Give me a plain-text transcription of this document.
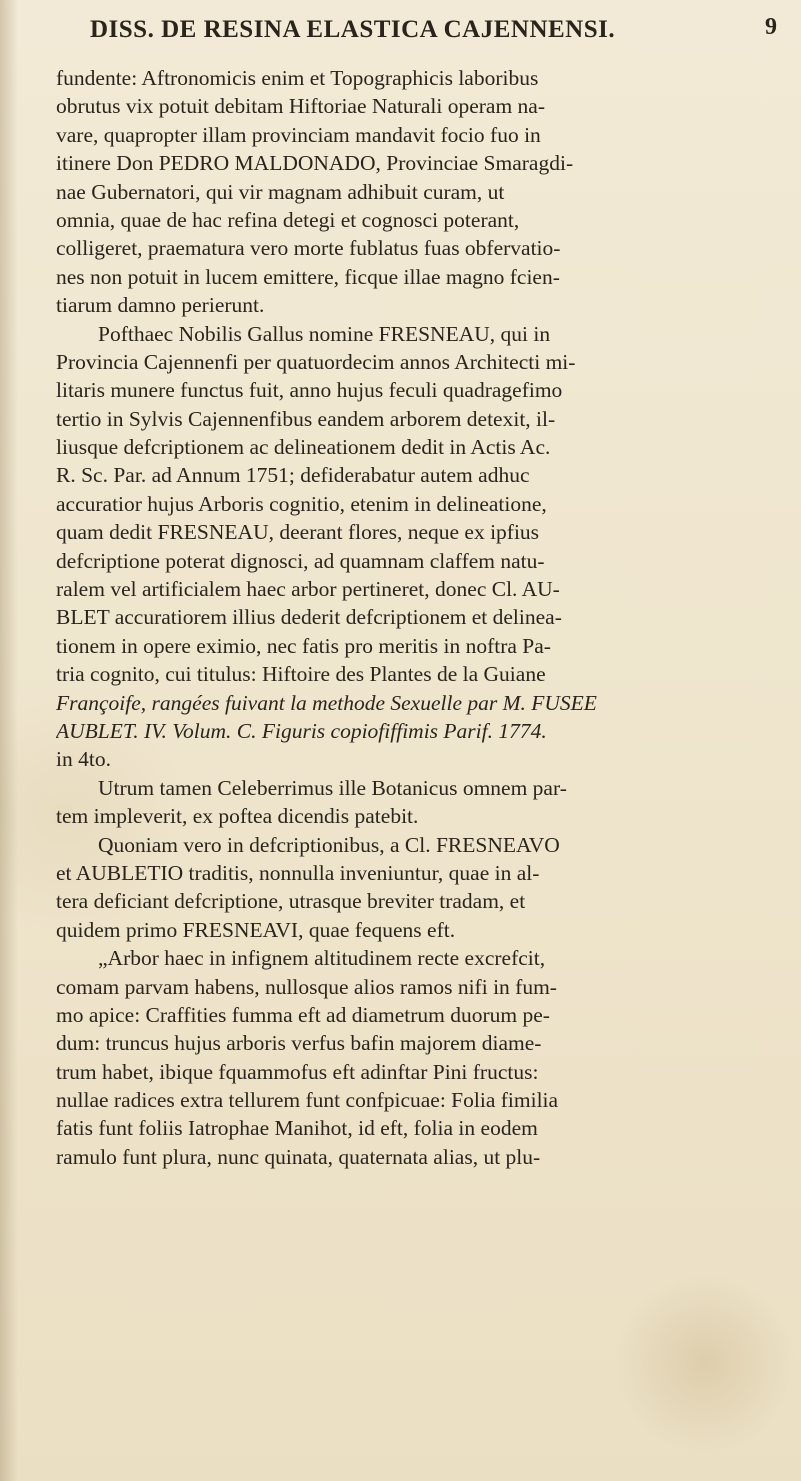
DISS. DE RESINA ELASTICA CAJENNENSI.	9
fundente: Aftronomicis enim et Topographicis laboribus
obrutus vix potuit debitam Hiftoriae Naturali operam na-
vare, quapropter illam provinciam mandavit focio fuo in
itinere Don PEDRO MALDONADO, Provinciae Smaragdi-
nae Gubernatori, qui vir magnam adhibuit curam, ut
omnia, quae de hac refina detegi et cognosci poterant,
colligeret, praematura vero morte fublatus fuas obfervatio-
nes non potuit in lucem emittere, ficque illae magno fcien-
tiarum damno perierunt.
Pofthaec Nobilis Gallus nomine FRESNEAU, qui in
Provincia Cajennenfi per quatuordecim annos Architecti mi-
litaris munere functus fuit, anno hujus feculi quadragefimo
tertio in Sylvis Cajennenfibus eandem arborem detexit, il-
liusque defcriptionem ac delineationem dedit in Actis Ac.
R. Sc. Par. ad Annum 1751; defiderabatur autem adhuc
accuratior hujus Arboris cognitio, etenim in delineatione,
quam dedit FRESNEAU, deerant flores, neque ex ipfius
defcriptione poterat dignosci, ad quamnam claffem natu-
ralem vel artificialem haec arbor pertineret, donec Cl. AU-
BLET accuratiorem illius dederit defcriptionem et delinea-
tionem in opere eximio, nec fatis pro meritis in noftra Pa-
tria cognito, cui titulus: Hiftoire des Plantes de la Guiane
Françoife, rangées fuivant la methode Sexuelle par M. FUSEE
AUBLET. IV. Volum. C. Figuris copiofiffimis Parif. 1774.
in 4to.
Utrum tamen Celeberrimus ille Botanicus omnem par-
tem impleverit, ex poftea dicendis patebit.
Quoniam vero in defcriptionibus, a Cl. FRESNEAVO
et AUBLETIO traditis, nonnulla inveniuntur, quae in al-
tera deficiant defcriptione, utrasque breviter tradam, et
quidem primo FRESNEAVI, quae fequens eft.
„Arbor haec in infignem altitudinem recte excrefcit,
comam parvam habens, nullosque alios ramos nifi in fum-
mo apice: Craffities fumma eft ad diametrum duorum pe-
dum: truncus hujus arboris verfus bafin majorem diame-
trum habet, ibique fquammofus eft adinftar Pini fructus:
nullae radices extra tellurem funt confpicuae: Folia fimilia
fatis funt foliis Iatrophae Manihot, id eft, folia in eodem
ramulo funt plura, nunc quinata, quaternata alias, ut plu-
